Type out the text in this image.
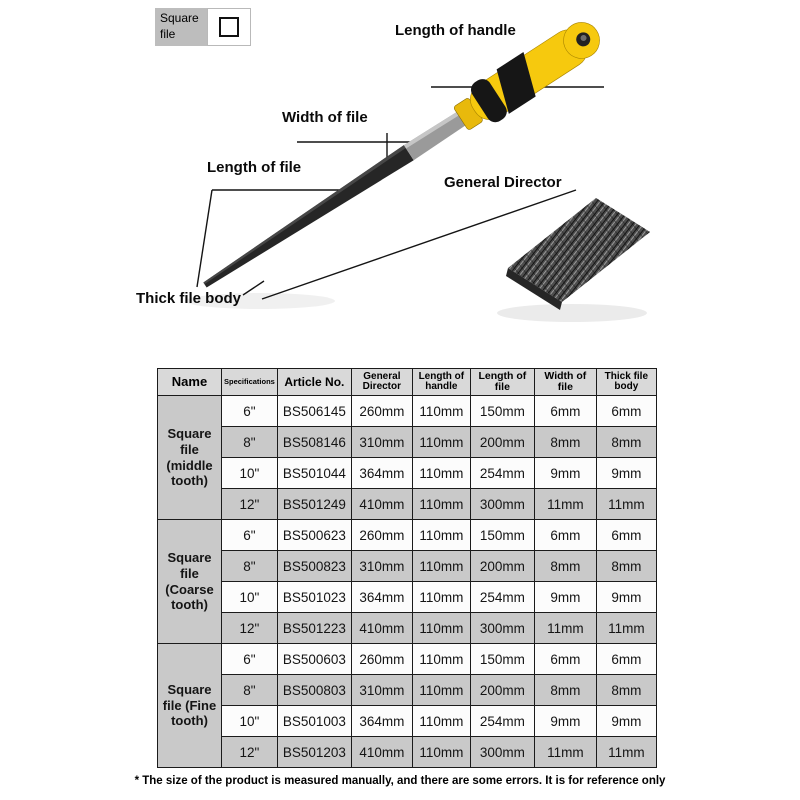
Square file	Length of handle
Width of file
Length of file
General Director
Thick file body
Name	Specifications	Article No.	General Director	Length of handle	Length of file	Width of file	Thick file body
Square file (middle tooth)	6"	BS506145	260mm	110mm	150mm	6mm	6mm
	8"	BS508146	310mm	110mm	200mm	8mm	8mm
	10"	BS501044	364mm	110mm	254mm	9mm	9mm
	12"	BS501249	410mm	110mm	300mm	11mm	11mm
Square file (Coarse tooth)	6"	BS500623	260mm	110mm	150mm	6mm	6mm
	8"	BS500823	310mm	110mm	200mm	8mm	8mm
	10"	BS501023	364mm	110mm	254mm	9mm	9mm
	12"	BS501223	410mm	110mm	300mm	11mm	11mm
Square file (Fine tooth)	6"	BS500603	260mm	110mm	150mm	6mm	6mm
	8"	BS500803	310mm	110mm	200mm	8mm	8mm
	10"	BS501003	364mm	110mm	254mm	9mm	9mm
	12"	BS501203	410mm	110mm	300mm	11mm	11mm
* The size of the product is measured manually, and there are some errors. It is for reference only
